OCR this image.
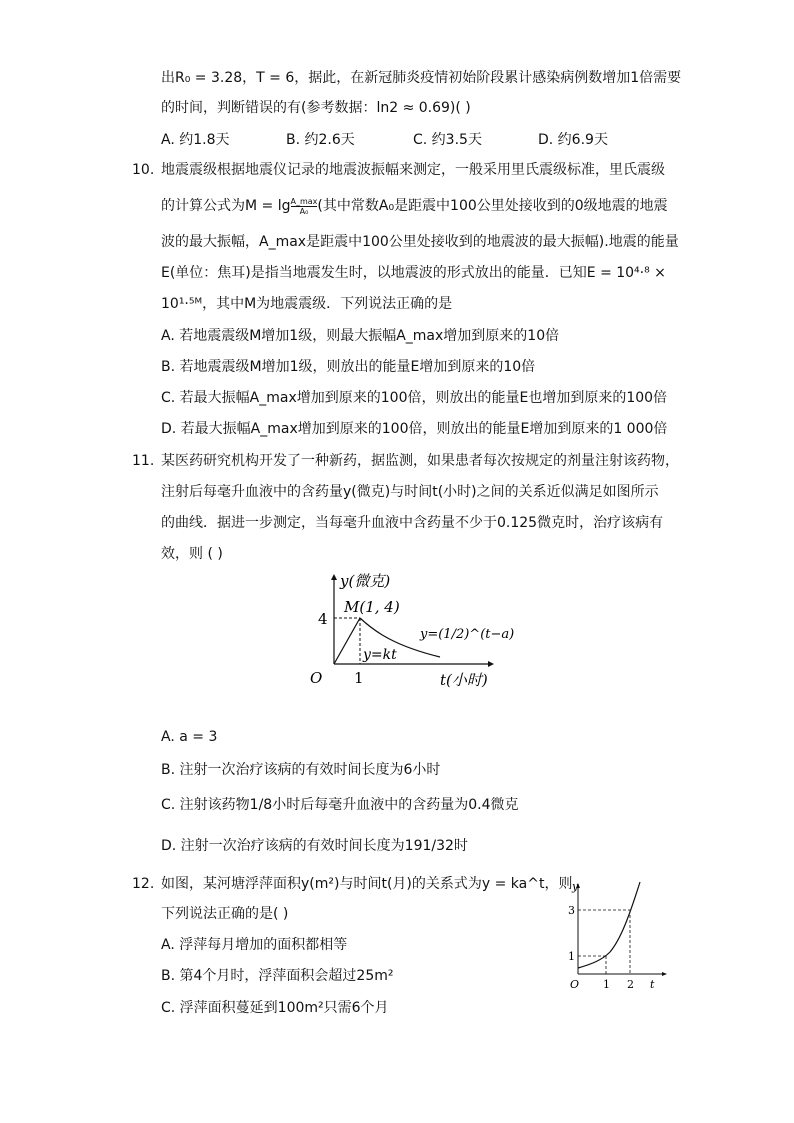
出R₀ = 3.28，T = 6，据此，在新冠肺炎疫情初始阶段累计感染病例数增加1倍需要
的时间，判断错误的有(参考数据：ln2 ≈ 0.69)( )
A. 约1.8天	B. 约2.6天	C. 约3.5天	D. 约6.9天
10. 地震震级根据地震仪记录的地震波振幅来测定，一般采用里氏震级标准，里氏震级
的计算公式为$M = \lg \frac{A\_\max}{\text{A₀}}$ (其中常数A₀是距震中100公里处接收到的0级地震的地震
波的最大振幅，A_max是距震中100公里处接收到的地震波的最大振幅).地震的能量
E(单位：焦耳)是指当地震发生时，以地震波的形式放出的能量．已知E = 10⁴·⁸ ×
10¹·⁵ᴹ，其中M为地震震级．下列说法正确的是
A. 若地震震级M增加1级，则最大振幅A_max增加到原来的10倍
B. 若地震震级M增加1级，则放出的能量E增加到原来的10倍
C. 若最大振幅A_max增加到原来的100倍，则放出的能量E也增加到原来的100倍
D. 若最大振幅A_max增加到原来的100倍，则放出的能量E增加到原来的1 000倍
11. 某医药研究机构开发了一种新药，据监测，如果患者每次按规定的剂量注射该药物，
注射后每毫升血液中的含药量y(微克)与时间t(小时)之间的关系近似满足如图所示
的曲线．据进一步测定，当每毫升血液中含药量不少于0.125微克时，治疗该病有
效，则 ( )
y(微克)
4
M(1, 4)
y=(1/2)^(t−a)
y=kt
O 1	t(小时)
A. a = 3
B. 注射一次治疗该病的有效时间长度为6小时
C. 注射该药物1/8小时后每毫升血液中的含药量为0.4微克
D. 注射一次治疗该病的有效时间长度为191/32时
12. 如图，某河塘浮萍面积y(m²)与时间t(月)的关系式为y = ka^t，则
下列说法正确的是( )
A. 浮萍每月增加的面积都相等
B. 第4个月时，浮萍面积会超过25m²
C. 浮萍面积蔓延到100m²只需6个月
y
1
3
O 1 2 t
